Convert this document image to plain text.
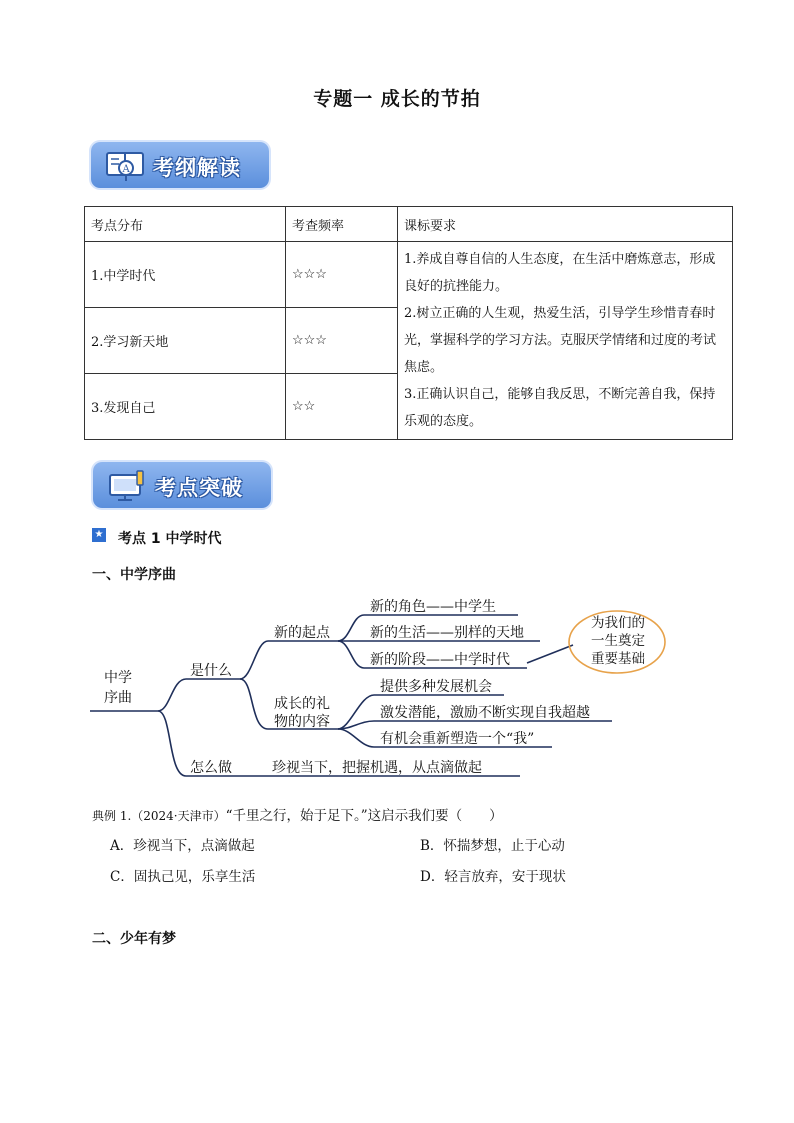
专题一 成长的节拍
A 考纲解读
考点分布	考查频率	课标要求
1.中学时代	☆☆☆	1.养成自尊自信的人生态度，在生活中磨炼意志，形成良好的抗挫能力。
2.树立正确的人生观，热爱生活，引导学生珍惜青春时光，掌握科学的学习方法。克服厌学情绪和过度的考试焦虑。
3.正确认识自己，能够自我反思，不断完善自我，保持乐观的态度。

2.学习新天地	☆☆☆	
3.发现自己	☆☆	
考点突破
★ 考点 1 中学时代
一、中学序曲
中学
序曲
是什么
怎么做
新的起点
成长的礼
物的内容
新的角色——中学生
新的生活——别样的天地
新的阶段——中学时代
提供多种发展机会
激发潜能，激励不断实现自我超越
有机会重新塑造一个“我”
珍视当下，把握机遇，从点滴做起
为我们的
一生奠定
重要基础
典例 1.（2024·天津市）“千里之行，始于足下。”这启示我们要（　　）
A．珍视当下，点滴做起	B．怀揣梦想，止于心动
C．固执己见，乐享生活	D．轻言放弃，安于现状
二、少年有梦
